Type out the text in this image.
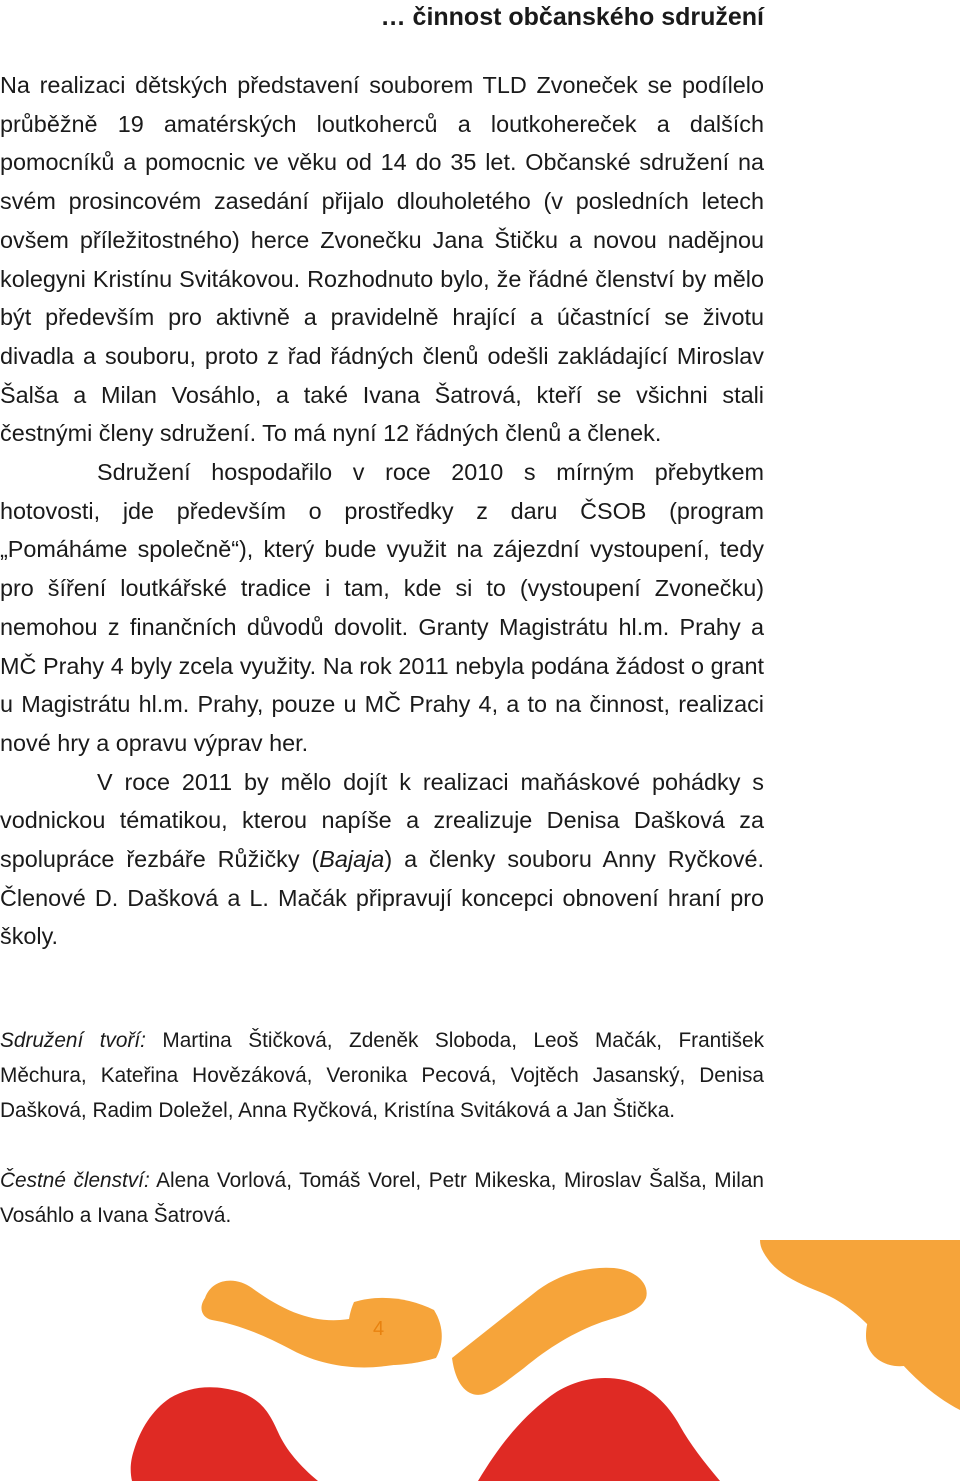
… činnost občanského sdružení

Na realizaci dětských představení souborem TLD Zvoneček se podílelo průběžně 19 amatérských loutkoherců a loutkohereček a dalších pomocníků a pomocnic ve věku od 14 do 35 let. Občanské sdružení na svém prosincovém zasedání přijalo dlouholetého (v posledních letech ovšem příležitostného) herce Zvonečku Jana Štičku a novou nadějnou kolegyni Kristínu Svitákovou. Rozhodnuto bylo, že řádné členství by mělo být především pro aktivně a pravidelně hrající a účastnící se životu divadla a souboru, proto z řad řádných členů odešli zakládající Miroslav Šalša a Milan Vosáhlo, a také Ivana Šatrová, kteří se všichni stali čestnými členy sdružení. To má nyní 12 řádných členů a členek.

Sdružení hospodařilo v roce 2010 s mírným přebytkem hotovosti, jde především o prostředky z daru ČSOB (program „Pomáháme společně“), který bude využit na zájezdní vystoupení, tedy pro šíření loutkářské tradice i tam, kde si to (vystoupení Zvonečku) nemohou z finančních důvodů dovolit. Granty Magistrátu hl.m. Prahy a MČ Prahy 4 byly zcela využity. Na rok 2011 nebyla podána žádost o grant u Magistrátu hl.m. Prahy, pouze u MČ Prahy 4, a to na činnost, realizaci nové hry a opravu výprav her.

V roce 2011 by mělo dojít k realizaci maňáskové pohádky s vodnickou tématikou, kterou napíše a zrealizuje Denisa Dašková za spolupráce řezbáře Růžičky (Bajaja) a členky souboru Anny Ryčkové. Členové D. Dašková a L. Mačák připravují koncepci obnovení hraní pro školy.

Sdružení tvoří: Martina Štičková, Zdeněk Sloboda, Leoš Mačák, František Měchura, Kateřina Hovězáková, Veronika Pecová, Vojtěch Jasanský, Denisa Dašková, Radim Doležel, Anna Ryčková, Kristína Svitáková a Jan Štička.

Čestné členství: Alena Vorlová, Tomáš Vorel, Petr Mikeska, Miroslav Šalša, Milan Vosáhlo a Ivana Šatrová.

4
